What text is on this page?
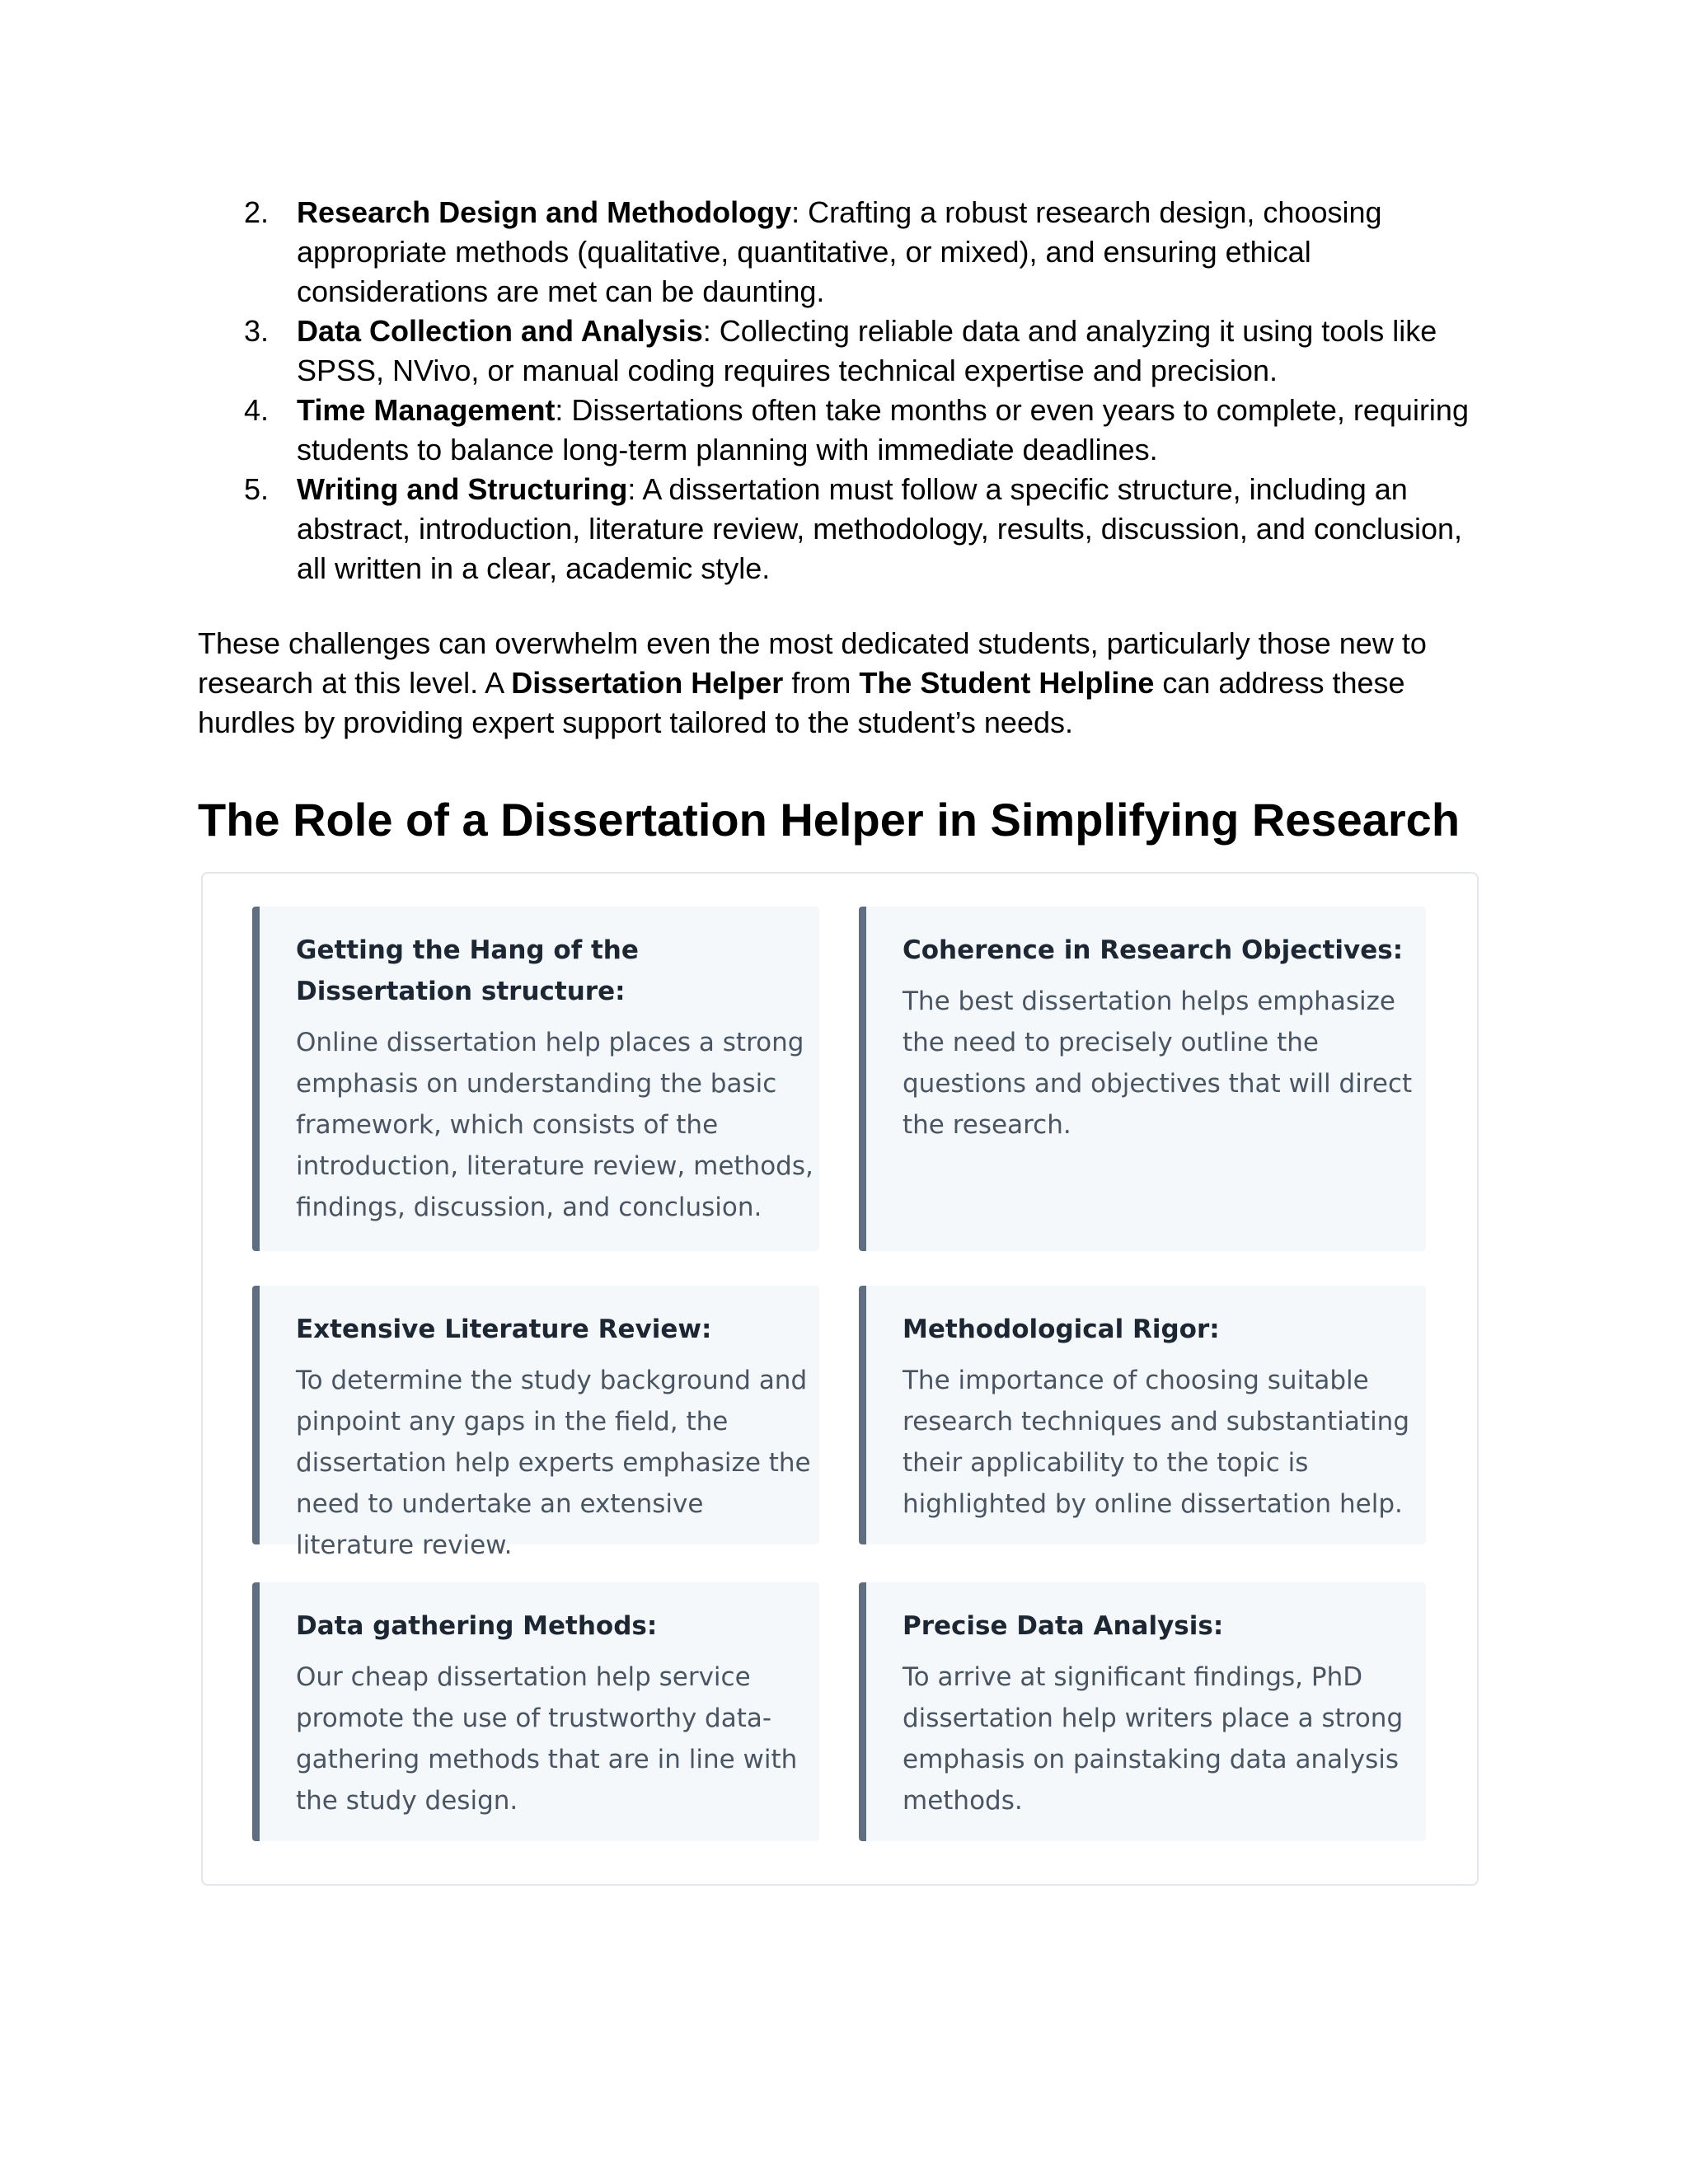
2. Research Design and Methodology: Crafting a robust research design, choosing appropriate methods (qualitative, quantitative, or mixed), and ensuring ethical considerations are met can be daunting.
3. Data Collection and Analysis: Collecting reliable data and analyzing it using tools like SPSS, NVivo, or manual coding requires technical expertise and precision.
4. Time Management: Dissertations often take months or even years to complete, requiring students to balance long-term planning with immediate deadlines.
5. Writing and Structuring: A dissertation must follow a specific structure, including an abstract, introduction, literature review, methodology, results, discussion, and conclusion, all written in a clear, academic style.

These challenges can overwhelm even the most dedicated students, particularly those new to research at this level. A Dissertation Helper from The Student Helpline can address these hurdles by providing expert support tailored to the student’s needs.

The Role of a Dissertation Helper in Simplifying Research

Getting the Hang of the Dissertation structure:

Online dissertation help places a strong emphasis on understanding the basic framework, which consists of the introduction, literature review, methods, findings, discussion, and conclusion.

Coherence in Research Objectives:

The best dissertation helps emphasize the need to precisely outline the questions and objectives that will direct the research.

Extensive Literature Review:

To determine the study background and pinpoint any gaps in the field, the dissertation help experts emphasize the need to undertake an extensive literature review.

Methodological Rigor:

The importance of choosing suitable research techniques and substantiating their applicability to the topic is highlighted by online dissertation help.

Data gathering Methods:

Our cheap dissertation help service promote the use of trustworthy data-gathering methods that are in line with the study design.

Precise Data Analysis:

To arrive at significant findings, PhD dissertation help writers place a strong emphasis on painstaking data analysis methods.
